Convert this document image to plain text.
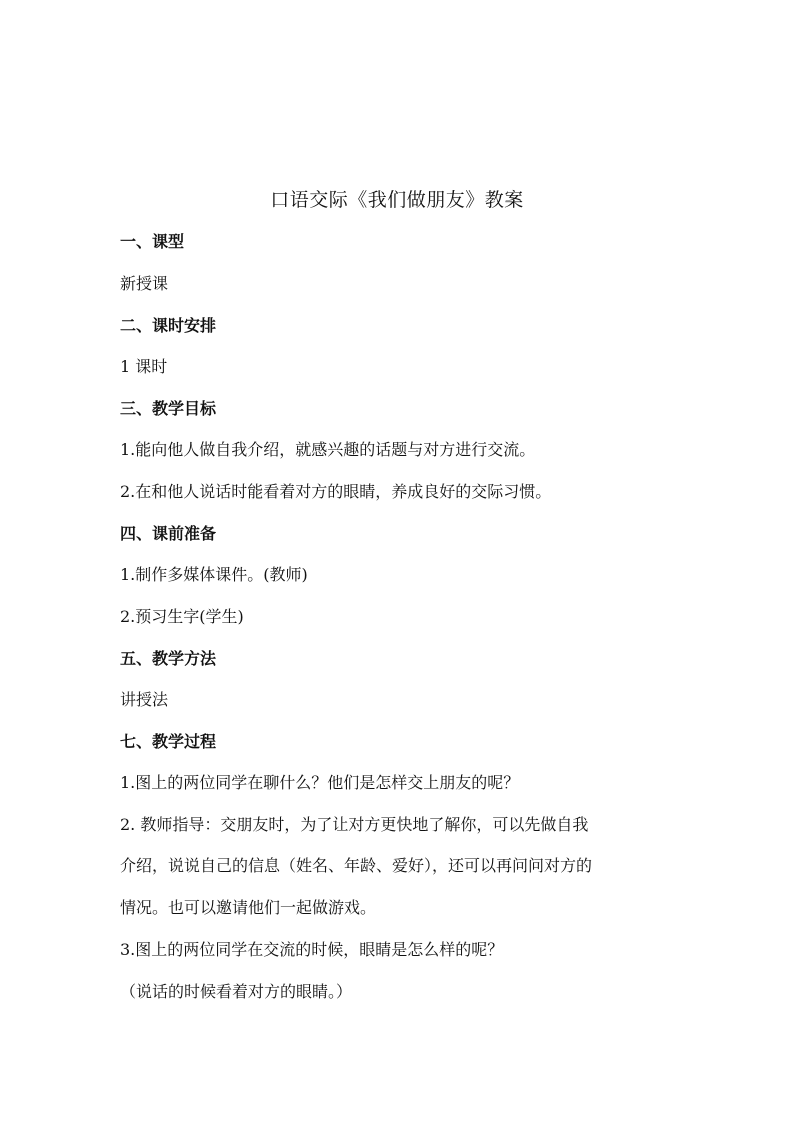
口语交际《我们做朋友》教案
一、课型
新授课
二、课时安排
1 课时
三、教学目标
1.能向他人做自我介绍，就感兴趣的话题与对方进行交流。
2.在和他人说话时能看着对方的眼睛，养成良好的交际习惯。
四、课前准备
1.制作多媒体课件。(教师)
2.预习生字(学生)
五、教学方法
讲授法
七、教学过程
1.图上的两位同学在聊什么？他们是怎样交上朋友的呢？
2. 教师指导：交朋友时，为了让对方更快地了解你，可以先做自我
介绍，说说自己的信息（姓名、年龄、爱好），还可以再问问对方的
情况。也可以邀请他们一起做游戏。
3.图上的两位同学在交流的时候，眼睛是怎么样的呢？
（说话的时候看着对方的眼睛。）
